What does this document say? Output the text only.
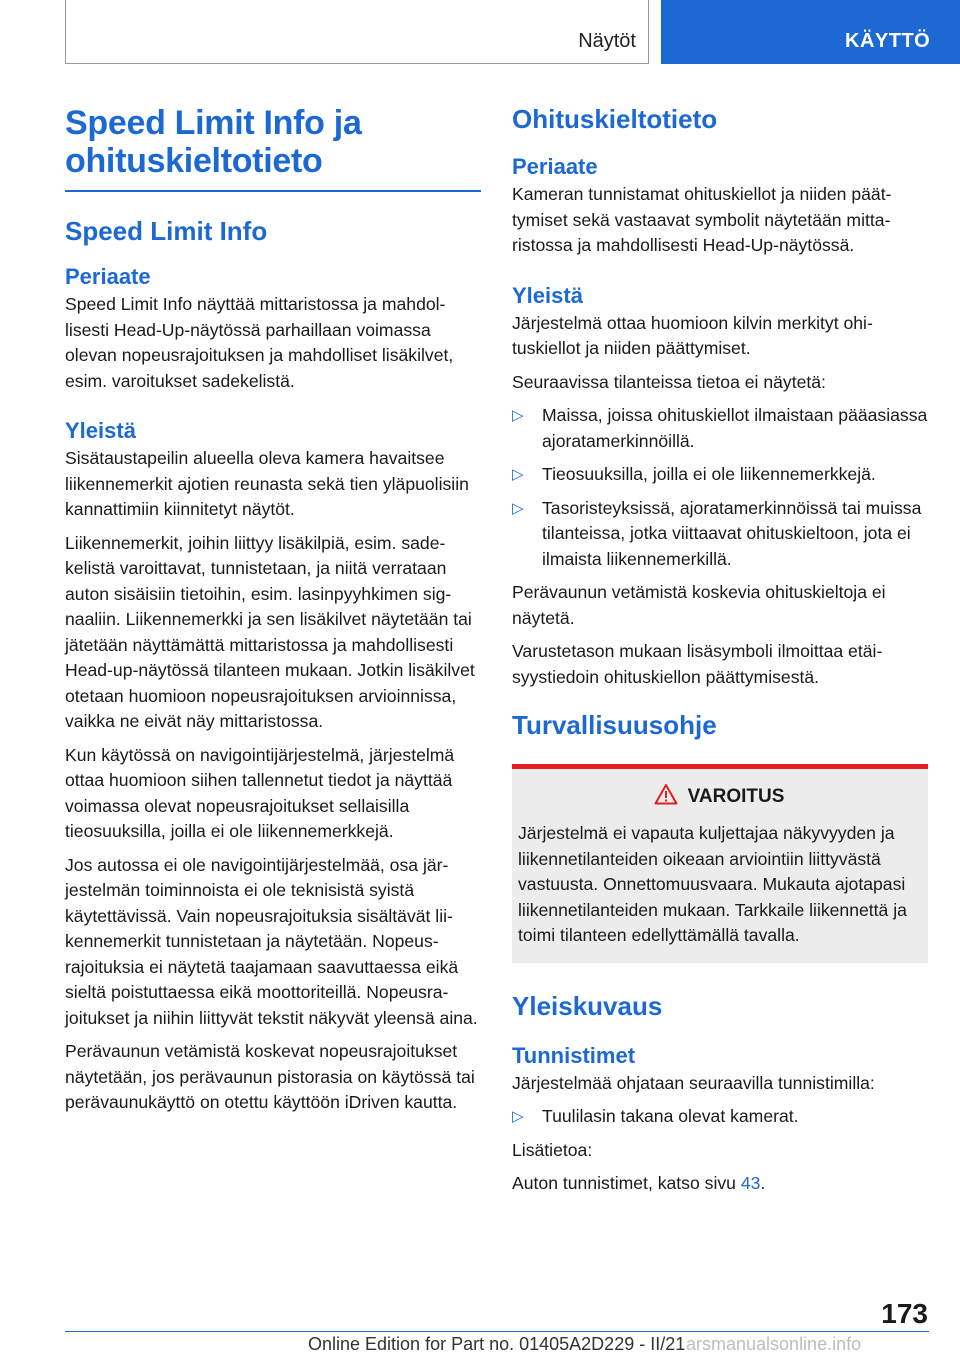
Näytöt	KÄYTTÖ
Speed Limit Info ja ohituskieltotieto
Speed Limit Info
Periaate

Speed Limit Info näyttää mittaristossa ja mahdollisesti Head-Up-näytössä parhaillaan voimassa olevan nopeusrajoituksen ja mahdolliset lisäkilvet, esim. varoitukset sadekelistä.

Yleistä

Sisätaustapeilin alueella oleva kamera havaitsee liikennemerkit ajotien reunasta sekä tien yläpuolisiin kannattimiin kiinnitetyt näytöt.

Liikennemerkit, joihin liittyy lisäkilpiä, esim. sadekelistä varoittavat, tunnistetaan, ja niitä verrataan auton sisäisiin tietoihin, esim. lasinpyyhkimen signaaliin. Liikennemerkki ja sen lisäkilvet näytetään tai jätetään näyttämättä mittaristossa ja mahdollisesti Head-up-näytössä tilanteen mukaan. Jotkin lisäkilvet otetaan huomioon nopeusrajoituksen arvioinnissa, vaikka ne eivät näy mittaristossa.

Kun käytössä on navigointijärjestelmä, järjestelmä ottaa huomioon siihen tallennetut tiedot ja näyttää voimassa olevat nopeusrajoitukset sellaisilla tieosuuksilla, joilla ei ole liikennemerkkejä.

Jos autossa ei ole navigointijärjestelmää, osa järjestelmän toiminnoista ei ole teknisistä syistä käytettävissä. Vain nopeusrajoituksia sisältävät liikennemerkit tunnistetaan ja näytetään. Nopeusrajoituksia ei näytetä taajamaan saavuttaessa eikä sieltä poistuttaessa eikä moottoriteillä. Nopeusrajoitukset ja niihin liittyvät tekstit näkyvät yleensä aina.

Perävaunun vetämistä koskevat nopeusrajoitukset näytetään, jos perävaunun pistorasia on käytössä tai perävaunukäyttö on otettu käyttöön iDriven kautta.

Ohituskieltotieto
Periaate

Kameran tunnistamat ohituskiellot ja niiden päättymiset sekä vastaavat symbolit näytetään mittaristossa ja mahdollisesti Head-Up-näytössä.

Yleistä

Järjestelmä ottaa huomioon kilvin merkityt ohituskiellot ja niiden päättymiset.

Seuraavissa tilanteissa tietoa ei näytetä:

▷ Maissa, joissa ohituskiellot ilmaistaan pääasiassa ajoratamerkinnöillä.
▷ Tieosuuksilla, joilla ei ole liikennemerkkejä.
▷ Tasoristeyksissä, ajoratamerkinnöissä tai muissa tilanteissa, jotka viittaavat ohituskieltoon, jota ei ilmaista liikennemerkillä.

Perävaunun vetämistä koskevia ohituskieltoja ei näytetä.

Varustetason mukaan lisäsymboli ilmoittaa etäisyystiedoin ohituskiellon päättymisestä.

Turvallisuusohje
VAROITUS

Järjestelmä ei vapauta kuljettajaa näkyvyyden ja liikennetilanteiden oikeaan arviointiin liittyvästä vastuusta. Onnettomuusvaara. Mukauta ajotapasi liikennetilanteiden mukaan. Tarkkaile liikennettä ja toimi tilanteen edellyttämällä tavalla.

Yleiskuvaus
Tunnistimet

Järjestelmää ohjataan seuraavilla tunnistimilla:

▷ Tuulilasin takana olevat kamerat.

Lisätietoa:

Auton tunnistimet, katso sivu 43.

173
Online Edition for Part no. 01405A2D229 - II/21 arsmanualsonline.info
